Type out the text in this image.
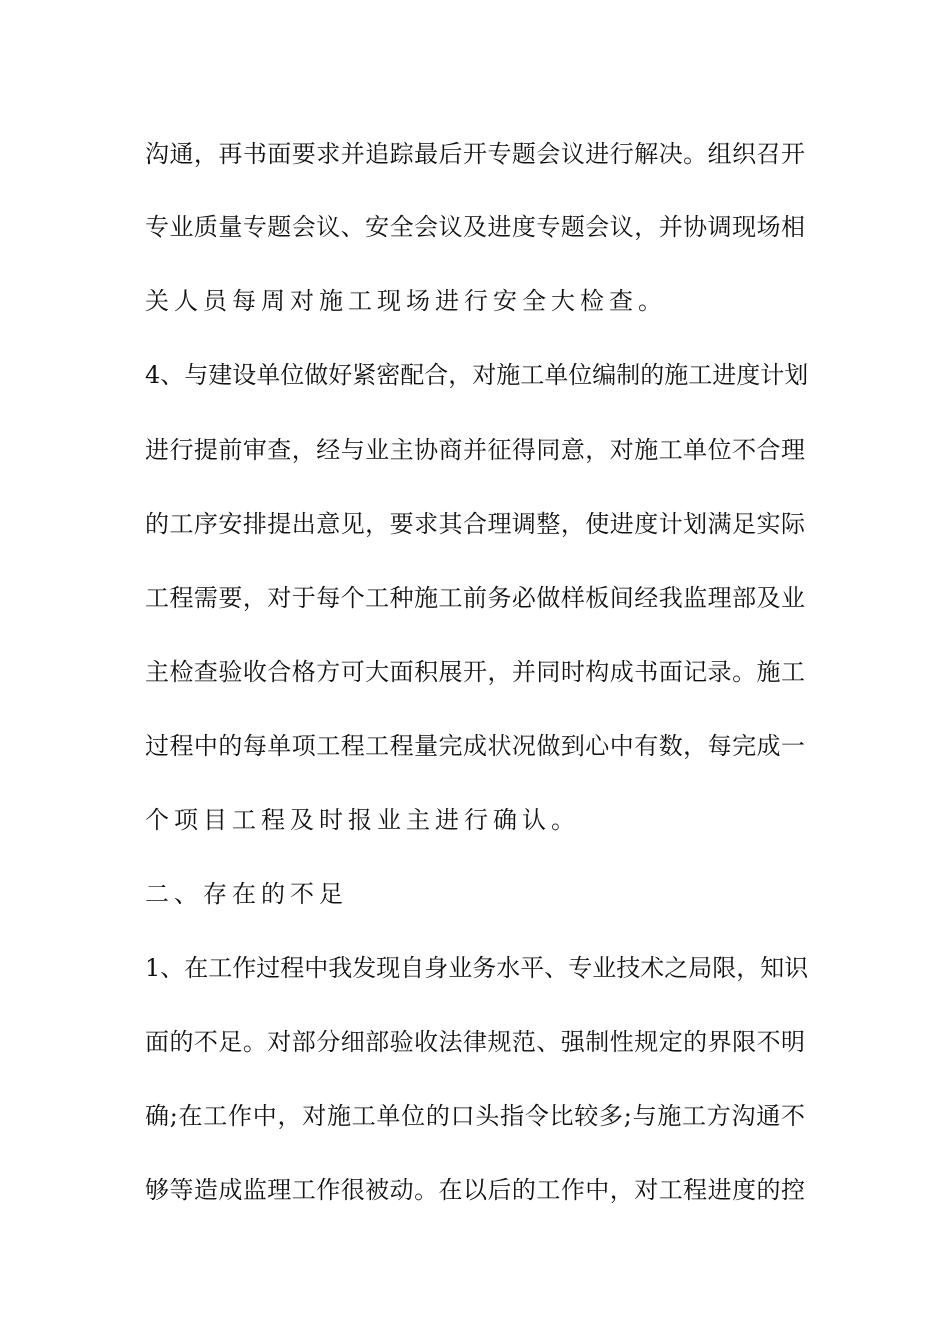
沟通，再书面要求并追踪最后开专题会议进行解决。组织召开
专业质量专题会议、安全会议及进度专题会议，并协调现场相
关人员每周对施工现场进行安全大检查。
4、与建设单位做好紧密配合，对施工单位编制的施工进度计划
进行提前审查，经与业主协商并征得同意，对施工单位不合理
的工序安排提出意见，要求其合理调整，使进度计划满足实际
工程需要，对于每个工种施工前务必做样板间经我监理部及业
主检查验收合格方可大面积展开，并同时构成书面记录。施工
过程中的每单项工程工程量完成状况做到心中有数，每完成一
个项目工程及时报业主进行确认。
二、存在的不足
1、在工作过程中我发现自身业务水平、专业技术之局限，知识
面的不足。对部分细部验收法律规范、强制性规定的界限不明
确;在工作中，对施工单位的口头指令比较多;与施工方沟通不
够等造成监理工作很被动。在以后的工作中，对工程进度的控
